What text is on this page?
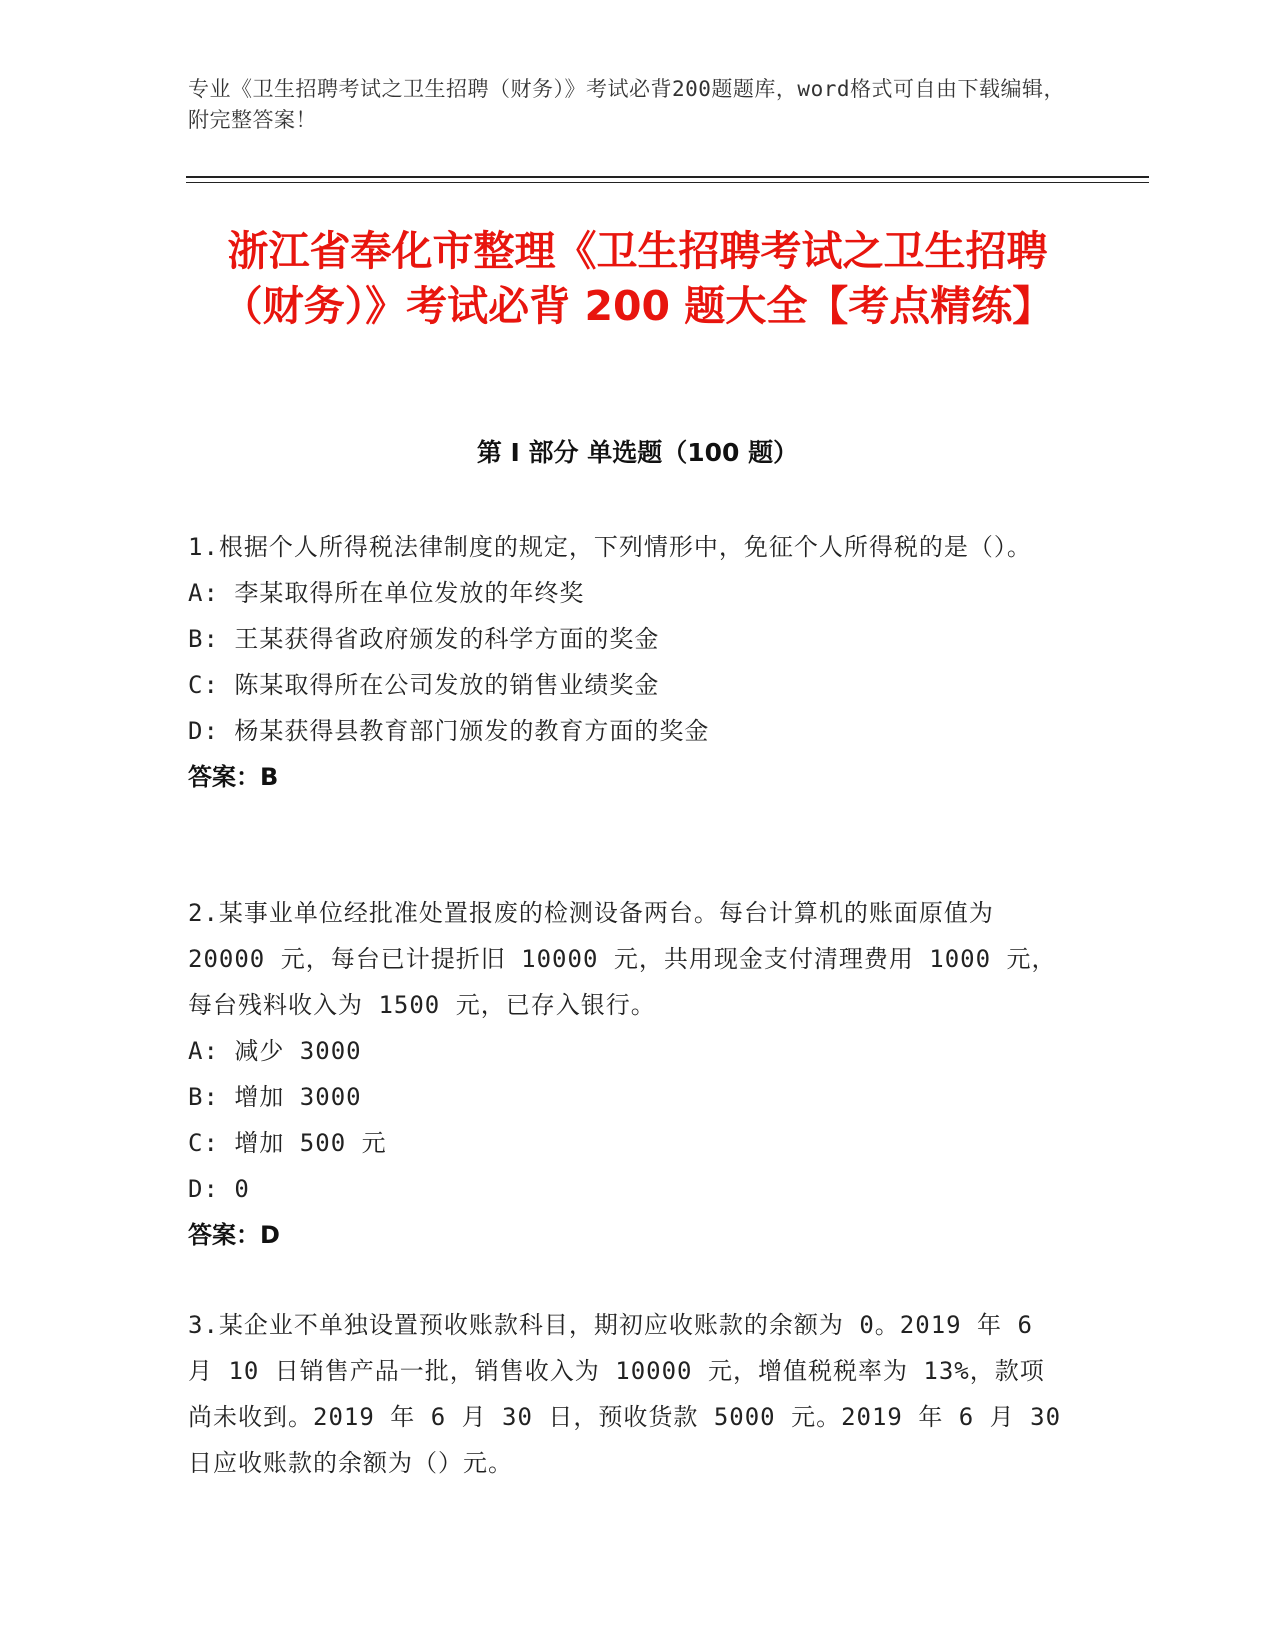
专业《卫生招聘考试之卫生招聘（财务）》考试必背200题题库，word格式可自由下载编辑，附完整答案！
浙江省奉化市整理《卫生招聘考试之卫生招聘（财务）》考试必背 200 题大全【考点精练】
第 I 部分 单选题（100 题）
1.根据个人所得税法律制度的规定，下列情形中，免征个人所得税的是（）。
A: 李某取得所在单位发放的年终奖
B: 王某获得省政府颁发的科学方面的奖金
C: 陈某取得所在公司发放的销售业绩奖金
D: 杨某获得县教育部门颁发的教育方面的奖金
答案：B
2.某事业单位经批准处置报废的检测设备两台。每台计算机的账面原值为 20000 元，每台已计提折旧 10000 元，共用现金支付清理费用 1000 元，每台残料收入为 1500 元，已存入银行。
A: 减少 3000
B: 增加 3000
C: 增加 500 元
D: 0
答案：D
3.某企业不单独设置预收账款科目，期初应收账款的余额为 0。2019 年 6 月 10 日销售产品一批，销售收入为 10000 元，增值税税率为 13%，款项尚未收到。2019 年 6 月 30 日，预收货款 5000 元。2019 年 6 月 30 日应收账款的余额为（）元。
